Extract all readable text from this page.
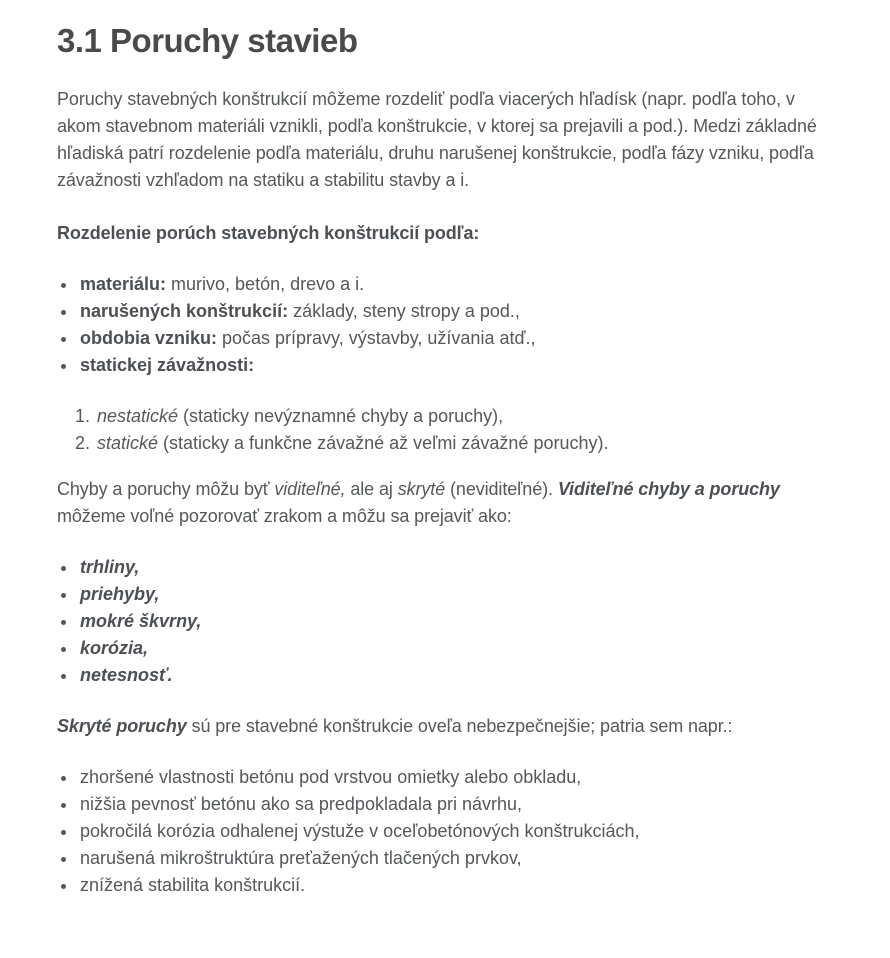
3.1 Poruchy stavieb

Poruchy stavebných konštrukcií môžeme rozdeliť podľa viacerých hľadísk (napr. podľa toho, v akom stavebnom materiáli vznikli, podľa konštrukcie, v ktorej sa prejavili a pod.). Medzi základné hľadiská patrí rozdelenie podľa materiálu, druhu narušenej konštrukcie, podľa fázy vzniku, podľa závažnosti vzhľadom na statiku a stabilitu stavby a i.

Rozdelenie porúch stavebných konštrukcií podľa:

• materiálu: murivo, betón, drevo a i.
• narušených konštrukcií: základy, steny stropy a pod.,
• obdobia vzniku: počas prípravy, výstavby, užívania atď.,
• statickej závažnosti:
1. nestatické (staticky nevýznamné chyby a poruchy),
2. statické (staticky a funkčne závažné až veľmi závažné poruchy).

Chyby a poruchy môžu byť viditeľné, ale aj skryté (neviditeľné). Viditeľné chyby a poruchy môžeme voľné pozorovať zrakom a môžu sa prejaviť ako:

• trhliny,
• priehyby,
• mokré škvrny,
• korózia,
• netesnosť.

Skryté poruchy sú pre stavebné konštrukcie oveľa nebezpečnejšie; patria sem napr.:

• zhoršené vlastnosti betónu pod vrstvou omietky alebo obkladu,
• nižšia pevnosť betónu ako sa predpokladala pri návrhu,
• pokročilá korózia odhalenej výstuže v oceľobetónových konštrukciách,
• narušená mikroštruktúra preťažených tlačených prvkov,
• znížená stabilita konštrukcií.
